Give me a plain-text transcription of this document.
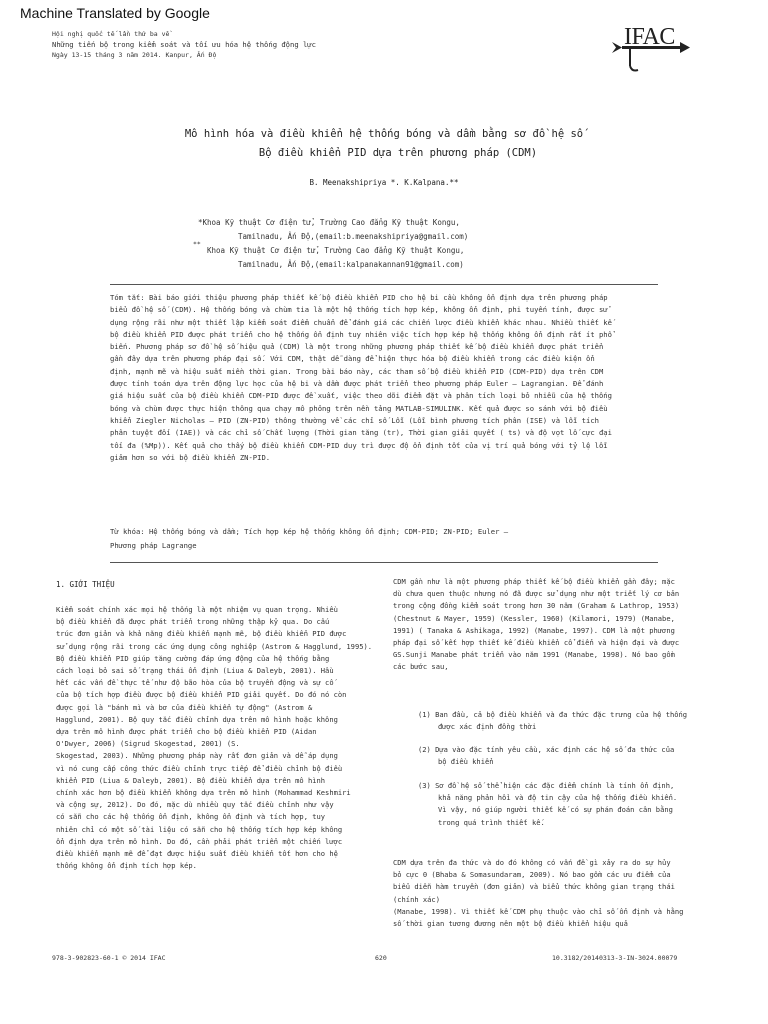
Machine Translated by Google
Hội nghị quốc tế lần thứ ba về
Những tiến bộ trong kiểm soát và tối ưu hóa hệ thống động lực
Ngày 13-15 tháng 3 năm 2014. Kanpur, Ấn Độ
IFAC
Mô hình hóa và điều khiển hệ thống bóng và dầm bằng sơ đồ hệ số
Bộ điều khiển PID dựa trên phương pháp (CDM)
B. Meenakshipriya *. K.Kalpana.**
*Khoa Kỹ thuật Cơ điện tử, Trường Cao đẳng Kỹ thuật Kongu,
Tamilnadu, Ấn Độ,(email:b.meenakshipriya@gmail.com)
**
Khoa Kỹ thuật Cơ điện tử, Trường Cao đẳng Kỹ thuật Kongu,
Tamilnadu, Ấn Độ,(email:kalpanakannan91@gmail.com)
Tóm tắt: Bài báo giới thiệu phương pháp thiết kế bộ điều khiển PID cho hệ bi cầu không ổn định dựa trên phương pháp
biểu đồ hệ số (CDM). Hệ thống bóng và chùm tia là một hệ thống tích hợp kép, không ổn định, phi tuyến tính, được sử
dụng rộng rãi như một thiết lập kiểm soát điểm chuẩn để đánh giá các chiến lược điều khiển khác nhau. Nhiều thiết kế
bộ điều khiển PID được phát triển cho hệ thống ổn định tuy nhiên việc tích hợp kép hệ thống không ổn định rất ít phổ
biến. Phương pháp sơ đồ hệ số hiệu quả (CDM) là một trong những phương pháp thiết kế bộ điều khiển được phát triển
gần đây dựa trên phương pháp đại số. Với CDM, thật dễ dàng để hiện thực hóa bộ điều khiển trong các điều kiện ổn
định, mạnh mẽ và hiệu suất miền thời gian. Trong bài báo này, các tham số bộ điều khiển PID (CDM-PID) dựa trên CDM
được tính toán dựa trên động lực học của hệ bi và dầm được phát triển theo phương pháp Euler – Lagrangian. Để đánh
giá hiệu suất của bộ điều khiển CDM-PID được đề xuất, việc theo dõi điểm đặt và phân tích loại bỏ nhiễu của hệ thống
bóng và chùm được thực hiện thông qua chạy mô phỏng trên nền tảng MATLAB-SIMULINK. Kết quả được so sánh với bộ điều
khiển Ziegler Nicholas – PID (ZN-PID) thông thường về các chỉ số Lỗi (Lỗi bình phương tích phân (ISE) và lỗi tích
phân tuyệt đối (IAE)) và các chỉ số Chất lượng (Thời gian tăng (tr), Thời gian giải quyết ( ts) và độ vọt lố cực đại
tối đa (%Mp)). Kết quả cho thấy bộ điều khiển CDM-PID duy trì được độ ổn định tốt của vị trí quả bóng với tỷ lệ lỗi
giảm hơn so với bộ điều khiển ZN-PID.
Từ khóa: Hệ thống bóng và dầm; Tích hợp kép hệ thống không ổn định; CDM-PID; ZN-PID; Euler –
Phương pháp Lagrange
1. GIỚI THIỆU
Kiểm soát chính xác mọi hệ thống là một nhiệm vụ quan trọng. Nhiều
bộ điều khiển đã được phát triển trong những thập kỷ qua. Do cấu
trúc đơn giản và khả năng điều khiển mạnh mẽ, bộ điều khiển PID được
sử dụng rộng rãi trong các ứng dụng công nghiệp (Astrom & Hagglund, 1995).
Bộ điều khiển PID giúp tăng cường đáp ứng động của hệ thống bằng
cách loại bỏ sai số trạng thái ổn định (Liua & Daleyb, 2001). Hầu
hết các vấn đề thực tế như độ bão hòa của bộ truyền động và sự cố
của bộ tích hợp điều được bộ điều khiển PID giải quyết. Do đó nó còn
được gọi là "bánh mì và bơ của điều khiển tự động" (Astrom &
Hagglund, 2001). Bộ quy tắc điều chỉnh dựa trên mô hình hoặc không
dựa trên mô hình được phát triển cho bộ điều khiển PID (Aidan
O'Dwyer, 2006) (Sigrud Skogestad, 2001) (S.
Skogestad, 2003). Những phương pháp này rất đơn giản và dễ áp dụng
vì nó cung cấp công thức điều chỉnh trực tiếp để điều chỉnh bộ điều
khiển PID (Liua & Daleyb, 2001). Bộ điều khiển dựa trên mô hình
chính xác hơn bộ điều khiển không dựa trên mô hình (Mohammad Keshmiri
và cộng sự, 2012). Do đó, mặc dù nhiều quy tắc điều chỉnh như vậy
có sẵn cho các hệ thống ổn định, không ổn định và tích hợp, tuy
nhiên chỉ có một số tài liệu có sẵn cho hệ thống tích hợp kép không
ổn định dựa trên mô hình. Do đó, cần phải phát triển một chiến lược
điều khiển mạnh mẽ để đạt được hiệu suất điều khiển tốt hơn cho hệ
thống không ổn định tích hợp kép.
CDM gần như là một phương pháp thiết kế bộ điều khiển gần đây; mặc
dù chưa quen thuộc nhưng nó đã được sử dụng như một triết lý cơ bản
trong cộng đồng kiểm soát trong hơn 30 năm (Graham & Lathrop, 1953)
(Chestnut & Mayer, 1959) (Kessler, 1960) (Kilamori, 1979) (Manabe,
1991) ( Tanaka & Ashikaga, 1992) (Manabe, 1997). CDM là một phương
pháp đại số kết hợp thiết kế điều khiển cổ điển và hiện đại và được
GS.Sunji Manabe phát triển vào năm 1991 (Manabe, 1998). Nó bao gồm
các bước sau,
(1) Ban đầu, cả bộ điều khiển và đa thức đặc trưng của hệ thống
được xác định đồng thời
(2) Dựa vào đặc tính yêu cầu, xác định các hệ số đa thức của
bộ điều khiển
(3) Sơ đồ hệ số thể hiện các đặc điểm chính là tính ổn định,
khả năng phản hồi và độ tin cậy của hệ thống điều khiển.
Vì vậy, nó giúp người thiết kế có sự phán đoán cân bằng
trong quá trình thiết kế.
CDM dựa trên đa thức và do đó không có vấn đề gì xảy ra do sự hủy
bỏ cực 0 (Bhaba & Somasundaram, 2009). Nó bao gồm các ưu điểm của
biểu diễn hàm truyền (đơn giản) và biểu thức không gian trạng thái
(chính xác)
(Manabe, 1998). Vì thiết kế CDM phụ thuộc vào chỉ số ổn định và hằng
số thời gian tương đương nên một bộ điều khiển hiệu quả
978-3-902823-60-1 © 2014 IFAC	620	10.3182/20140313-3-IN-3024.00079
